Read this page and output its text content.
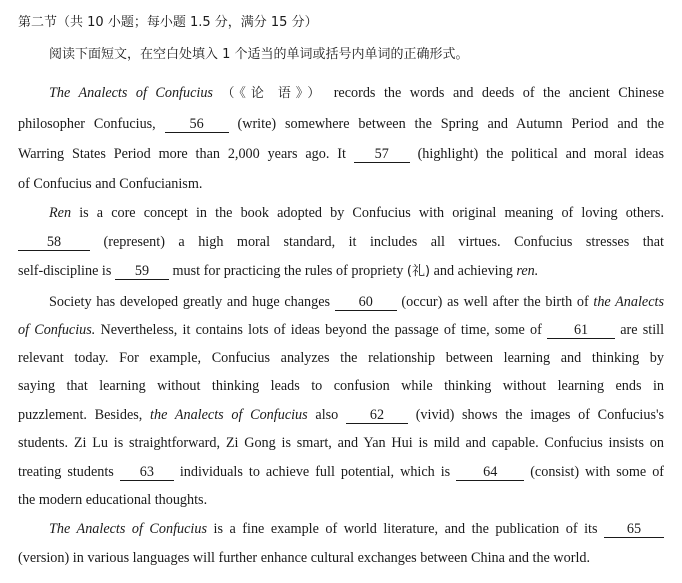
第二节（共 10 小题；每小题 1.5 分，满分 15 分）
阅读下面短文，在空白处填入 1 个适当的单词或括号内单词的正确形式。
The Analects of Confucius （《论 语》） records the words and deeds of the ancient Chinese
philosopher Confucius, 56 (write) somewhere between the Spring and Autumn Period and the
Warring States Period more than 2,000 years ago. It 57 (highlight) the political and moral ideas
of Confucius and Confucianism.
Ren is a core concept in the book adopted by Confucius with original meaning of loving others.
58	(represent) a high moral standard, it includes all virtues. Confucius stresses that
self-discipline is 59 must for practicing the rules of propriety (礼) and achieving ren.
Society has developed greatly and huge changes 60 (occur) as well after the birth of the Analects
of Confucius. Nevertheless, it contains lots of ideas beyond the passage of time, some of 61 are still
relevant today. For example, Confucius analyzes the relationship between learning and thinking by
saying that learning without thinking leads to confusion while thinking without learning ends in
puzzlement. Besides, the Analects of Confucius also 62 (vivid) shows the images of Confucius's
students. Zi Lu is straightforward, Zi Gong is smart, and Yan Hui is mild and capable. Confucius insists on
treating students 63 individuals to achieve full potential, which is 64 (consist) with some of
the modern educational thoughts.
The Analects of Confucius is a fine example of world literature, and the publication of its 65
(version) in various languages will further enhance cultural exchanges between China and the world.
